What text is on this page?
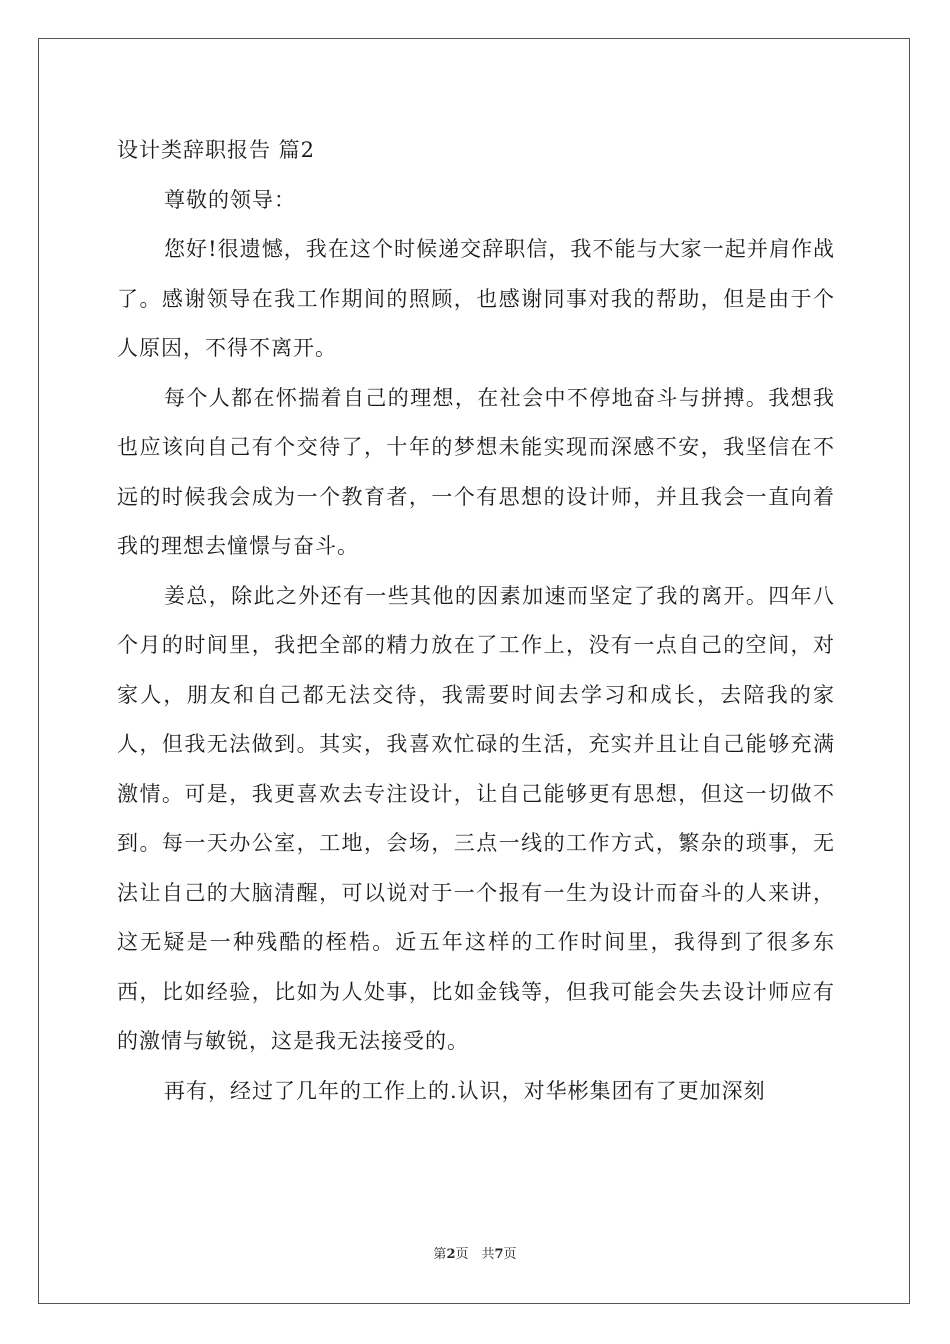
设计类辞职报告 篇2

尊敬的领导：

您好!很遗憾，我在这个时候递交辞职信，我不能与大家一起并肩作战了。感谢领导在我工作期间的照顾，也感谢同事对我的帮助，但是由于个人原因，不得不离开。

每个人都在怀揣着自己的理想，在社会中不停地奋斗与拼搏。我想我也应该向自己有个交待了，十年的梦想未能实现而深感不安，我坚信在不远的时候我会成为一个教育者，一个有思想的设计师，并且我会一直向着我的理想去憧憬与奋斗。

姜总，除此之外还有一些其他的因素加速而坚定了我的离开。四年八个月的时间里，我把全部的精力放在了工作上，没有一点自己的空间，对家人，朋友和自己都无法交待，我需要时间去学习和成长，去陪我的家人，但我无法做到。其实，我喜欢忙碌的生活，充实并且让自己能够充满激情。可是，我更喜欢去专注设计，让自己能够更有思想，但这一切做不到。每一天办公室，工地，会场，三点一线的工作方式，繁杂的琐事，无法让自己的大脑清醒，可以说对于一个报有一生为设计而奋斗的人来讲，这无疑是一种残酷的桎梏。近五年这样的工作时间里，我得到了很多东西，比如经验，比如为人处事，比如金钱等，但我可能会失去设计师应有的激情与敏锐，这是我无法接受的。

再有，经过了几年的工作上的.认识，对华彬集团有了更加深刻

第2页　共7页
